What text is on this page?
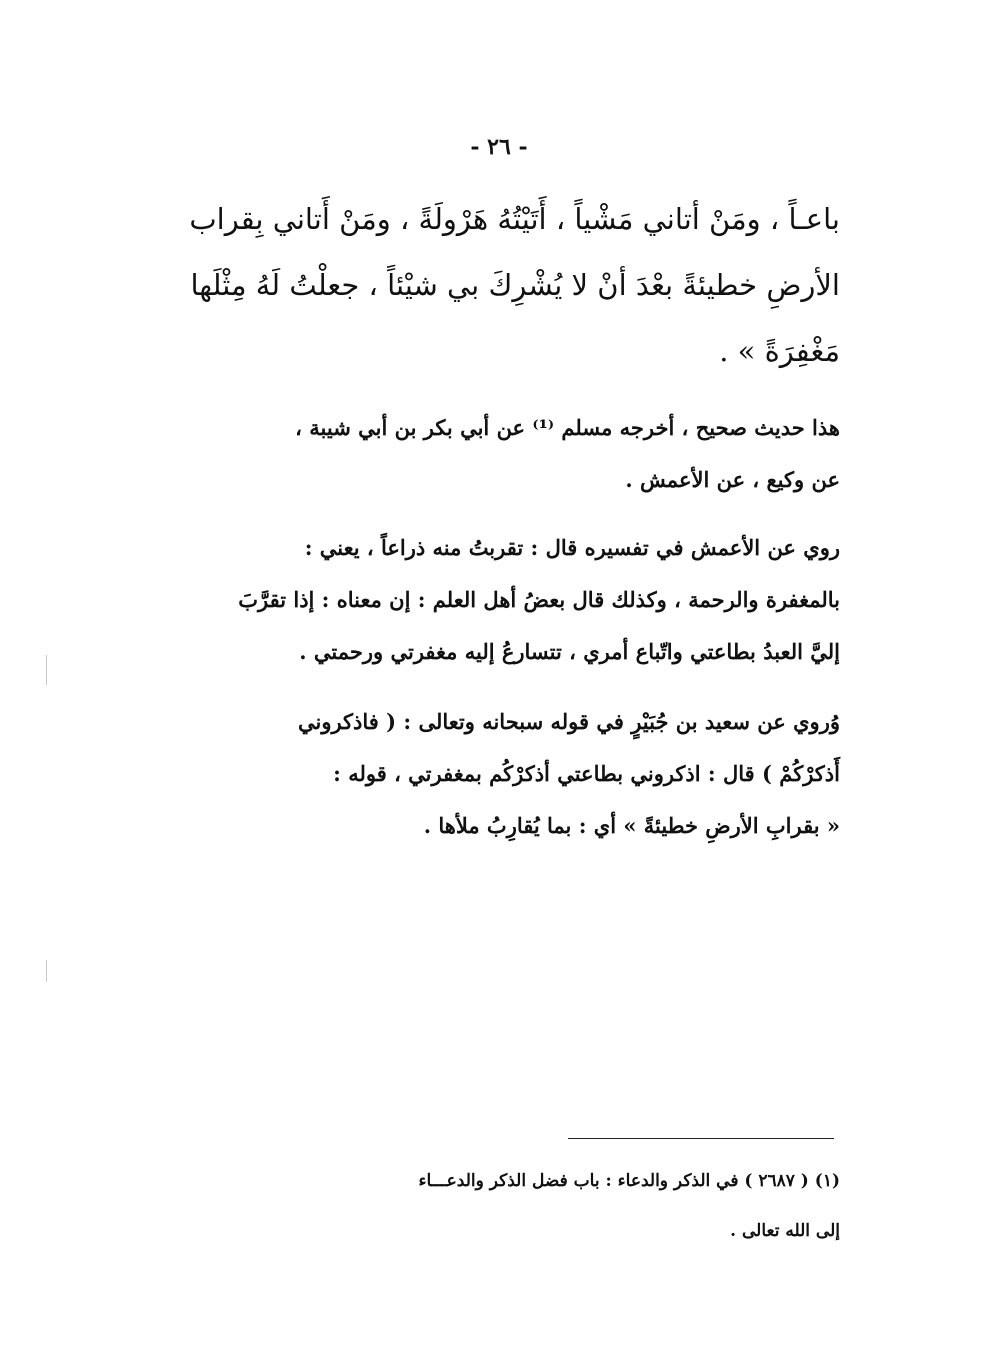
- ٢٦ -
باعـاً ، ومَنْ أتاني مَشْياً ، أَتَيْتُهُ هَرْولَةً ، ومَنْ أَتاني بِقراب
الأرضِ خطيئةً بعْدَ أنْ لا يُشْرِكَ بي شيْئاً ، جعلْتُ لَهُ مِثْلَها
مَغْفِرَةً » .
هذا حديث صحيح ، أخرجه مسلم ⁽¹⁾ عن أبي بكر بن أبي شيبة ،
عن وكيع ، عن الأعمش .
روي عن الأعمش في تفسيره قال : تقربتُ منه ذراعاً ، يعني :
بالمغفرة والرحمة ، وكذلك قال بعضُ أهل العلم : إن معناه : إذا تقرَّبَ
إليَّ العبدُ بطاعتي واتّباع أمري ، تتسارعُ إليه مغفرتي ورحمتي .
وُروي عن سعيد بن جُبَيْرٍ في قوله سبحانه وتعالى : ( فاذكروني
أَذكرْكُمْ ) قال : اذكروني بطاعتي أذكرْكُم بمغفرتي ، قوله :
« بقرابِ الأرضِ خطيئةً » أي : بما يُقارِبُ ملأها .
(١) ( ٢٦٨٧ ) في الذكر والدعاء : باب فضل الذكر والدعـــاء
إلى الله تعالى .
